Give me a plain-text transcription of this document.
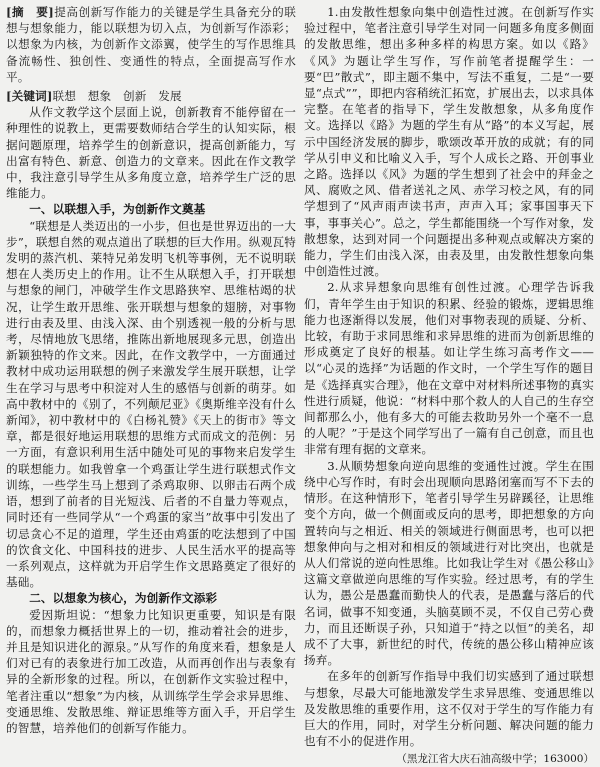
[摘　要]提高创新写作能力的关键是学生具备充分的联想与想象能力，能以联想为切入点，为创新写作添彩；以想象为内核，为创新作文添翼，使学生的写作思维具备流畅性、独创性、变通性的特点，全面提高写作水平。

[关键词]联想　想象　创新　发展

从作文教学这个层面上说，创新教育不能停留在一种理性的说教上，更需要数师结合学生的认知实际，根据问题原理，培养学生的创新意识，提高创新能力，写出富有特色、新意、创造力的文章来。因此在作文教学中，我注意引导学生从多角度立意，培养学生广泛的思维能力。

一、以联想入手，为创新作文奠基

“联想是人类迈出的一小步，但也是世界迈出的一大步”，联想自然的观点道出了联想的巨大作用。纵观瓦特发明的蒸汽机、莱特兄弟发明飞机等事例，无不说明联想在人类历史上的作用。让不生从联想入手，打开联想与想象的闸门，冲破学生作文思路狭窄、思维枯竭的状况，让学生敢开思维、张开联想与想象的翅膀，对事物进行由表及里、由浅入深、由个别透视一般的分析与思考，尽情地放飞思绪，推陈出新地展现多元思，创造出新颖独特的作文来。因此，在作文教学中，一方面通过教材中成功运用联想的例子来激发学生展开联想，让学生在学习与思考中积淀对人生的感悟与创新的萌芽。如高中教材中的《别了，不列颠尼亚》《奥斯维辛没有什么新闻》，初中教材中的《白杨礼赞》《天上的街市》等文章，都是很好地运用联想的思维方式而成文的范例：另一方面，有意识利用生活中随处可见的事物来启发学生的联想能力。如我曾拿一个鸡蛋让学生进行联想式作文训练，一些学生马上想到了杀鸡取卵、以卵击石两个成语，想到了前者的目光短浅、后者的不自量力等观点，同时还有一些同学从“一个鸡蛋的家当”故事中引发出了切忌贪心不足的道理，学生还由鸡蛋的吃法想到了中国的饮食文化、中国科技的进步、人民生活水平的提高等一系列观点，这样就为开启学生作文思路奠定了很好的基础。

二、以想象为核心，为创新作文添彩

爱因斯坦说：“想象力比知识更重要，知识是有限的，而想象力概括世界上的一切，推动着社会的进步，并且是知识进化的源泉。”从写作的角度来看，想象是人们对已有的表象进行加工改造，从而再创作出与表象有异的全新形象的过程。所以，在创新作文实验过程中，笔者注重以“想象”为内核，从训练学生学会求异思维、变通思维、发散思维、辩证思维等方面入手，开启学生的智慧，培养他们的创新写作能力。

1.由发散性想象向集中创造性过渡。在创新写作实验过程中，笔者注意引导学生对同一问题多角度多侧面的发散思维，想出多种多样的构思方案。如以《路》《风》为题让学生写作，写作前笔者提醒学生：一要“巴”散式”，即主题不集中，写法不重复，二是“一要显“点式””，即把内容稍统汇拓宽，扩展出去，以求具体完整。在笔者的指导下，学生发散想象，从多角度作文。选择以《路》为题的学生有从“路”的本义写起，展示中国经济发展的脚步，歌颂改革开放的成就；有的同学从引申义和比喻义入手，写个人成长之路、开创事业之路。选择以《风》为题的学生想到了社会中的拜金之风、腐败之风、借者送礼之风、赤学习校之风，有的同学想到了“风声雨声读书声，声声入耳；家事国事天下事，事事关心”。总之，学生都能围绕一个写作对象，发散想象，达到对同一个问题提出多种观点或解决方案的能力，学生们由浅入深，由表及里，由发散性想象向集中创造性过渡。

2.从求异想象向思维有创性过渡。心理学告诉我们，青年学生由于知识的积累、经验的锻炼，逻辑思维能力也逐渐得以发展，他们对事物表现的质疑、分析、比较，有助于求同思维和求异思维的进而为创新思维的形成奠定了良好的根基。如让学生练习高考作文——以“心灵的选择”为话题的作文时，一个学生写作的题目是《选择真实合理》，他在文章中对材料所述事物的真实性进行质疑，他说：“材料中那个救人的人自己的生存空间都那么小，他有多大的可能去救助另外一个毫不一息的人呢？”于是这个同学写出了一篇有自己创意，而且也非常有理有据的文章来。

3.从顺势想象向逆向思维的变通性过渡。学生在围绕中心写作时，有时会出现顺向思路闭塞而写不下去的情形。在这种情形下，笔者引导学生另辟蹊径，让思维变个方向，做一个侧面或反向的思考，即把想象的方向置转向与之相近、相关的领域进行侧面思考，也可以把想象伸向与之相对和相反的领域进行对比突出，也就是从人们常说的逆向性思维。比如我让学生对《愚公移山》这篇文章做逆向思维的写作实验。经过思考，有的学生认为，愚公是愚蠢而勤快人的代表，是愚蠢与落后的代名词，做事不知变通，头脑莫顾不灵，不仅自己劳心费力，而且还断误子孙，只知道于“持之以恒”的美名，却成不了大事，新世纪的时代，传统的愚公移山精神应该扬弃。

在多年的创新写作指导中我们切实感到了通过联想与想象，尽最大可能地激发学生求异思维、变通思维以及发散思维的重要作用，这不仅对于学生的写作能力有巨大的作用，同时，对学生分析问题、解决问题的能力也有不小的促进作用。

（黑龙江省大庆石油高级中学；163000）
